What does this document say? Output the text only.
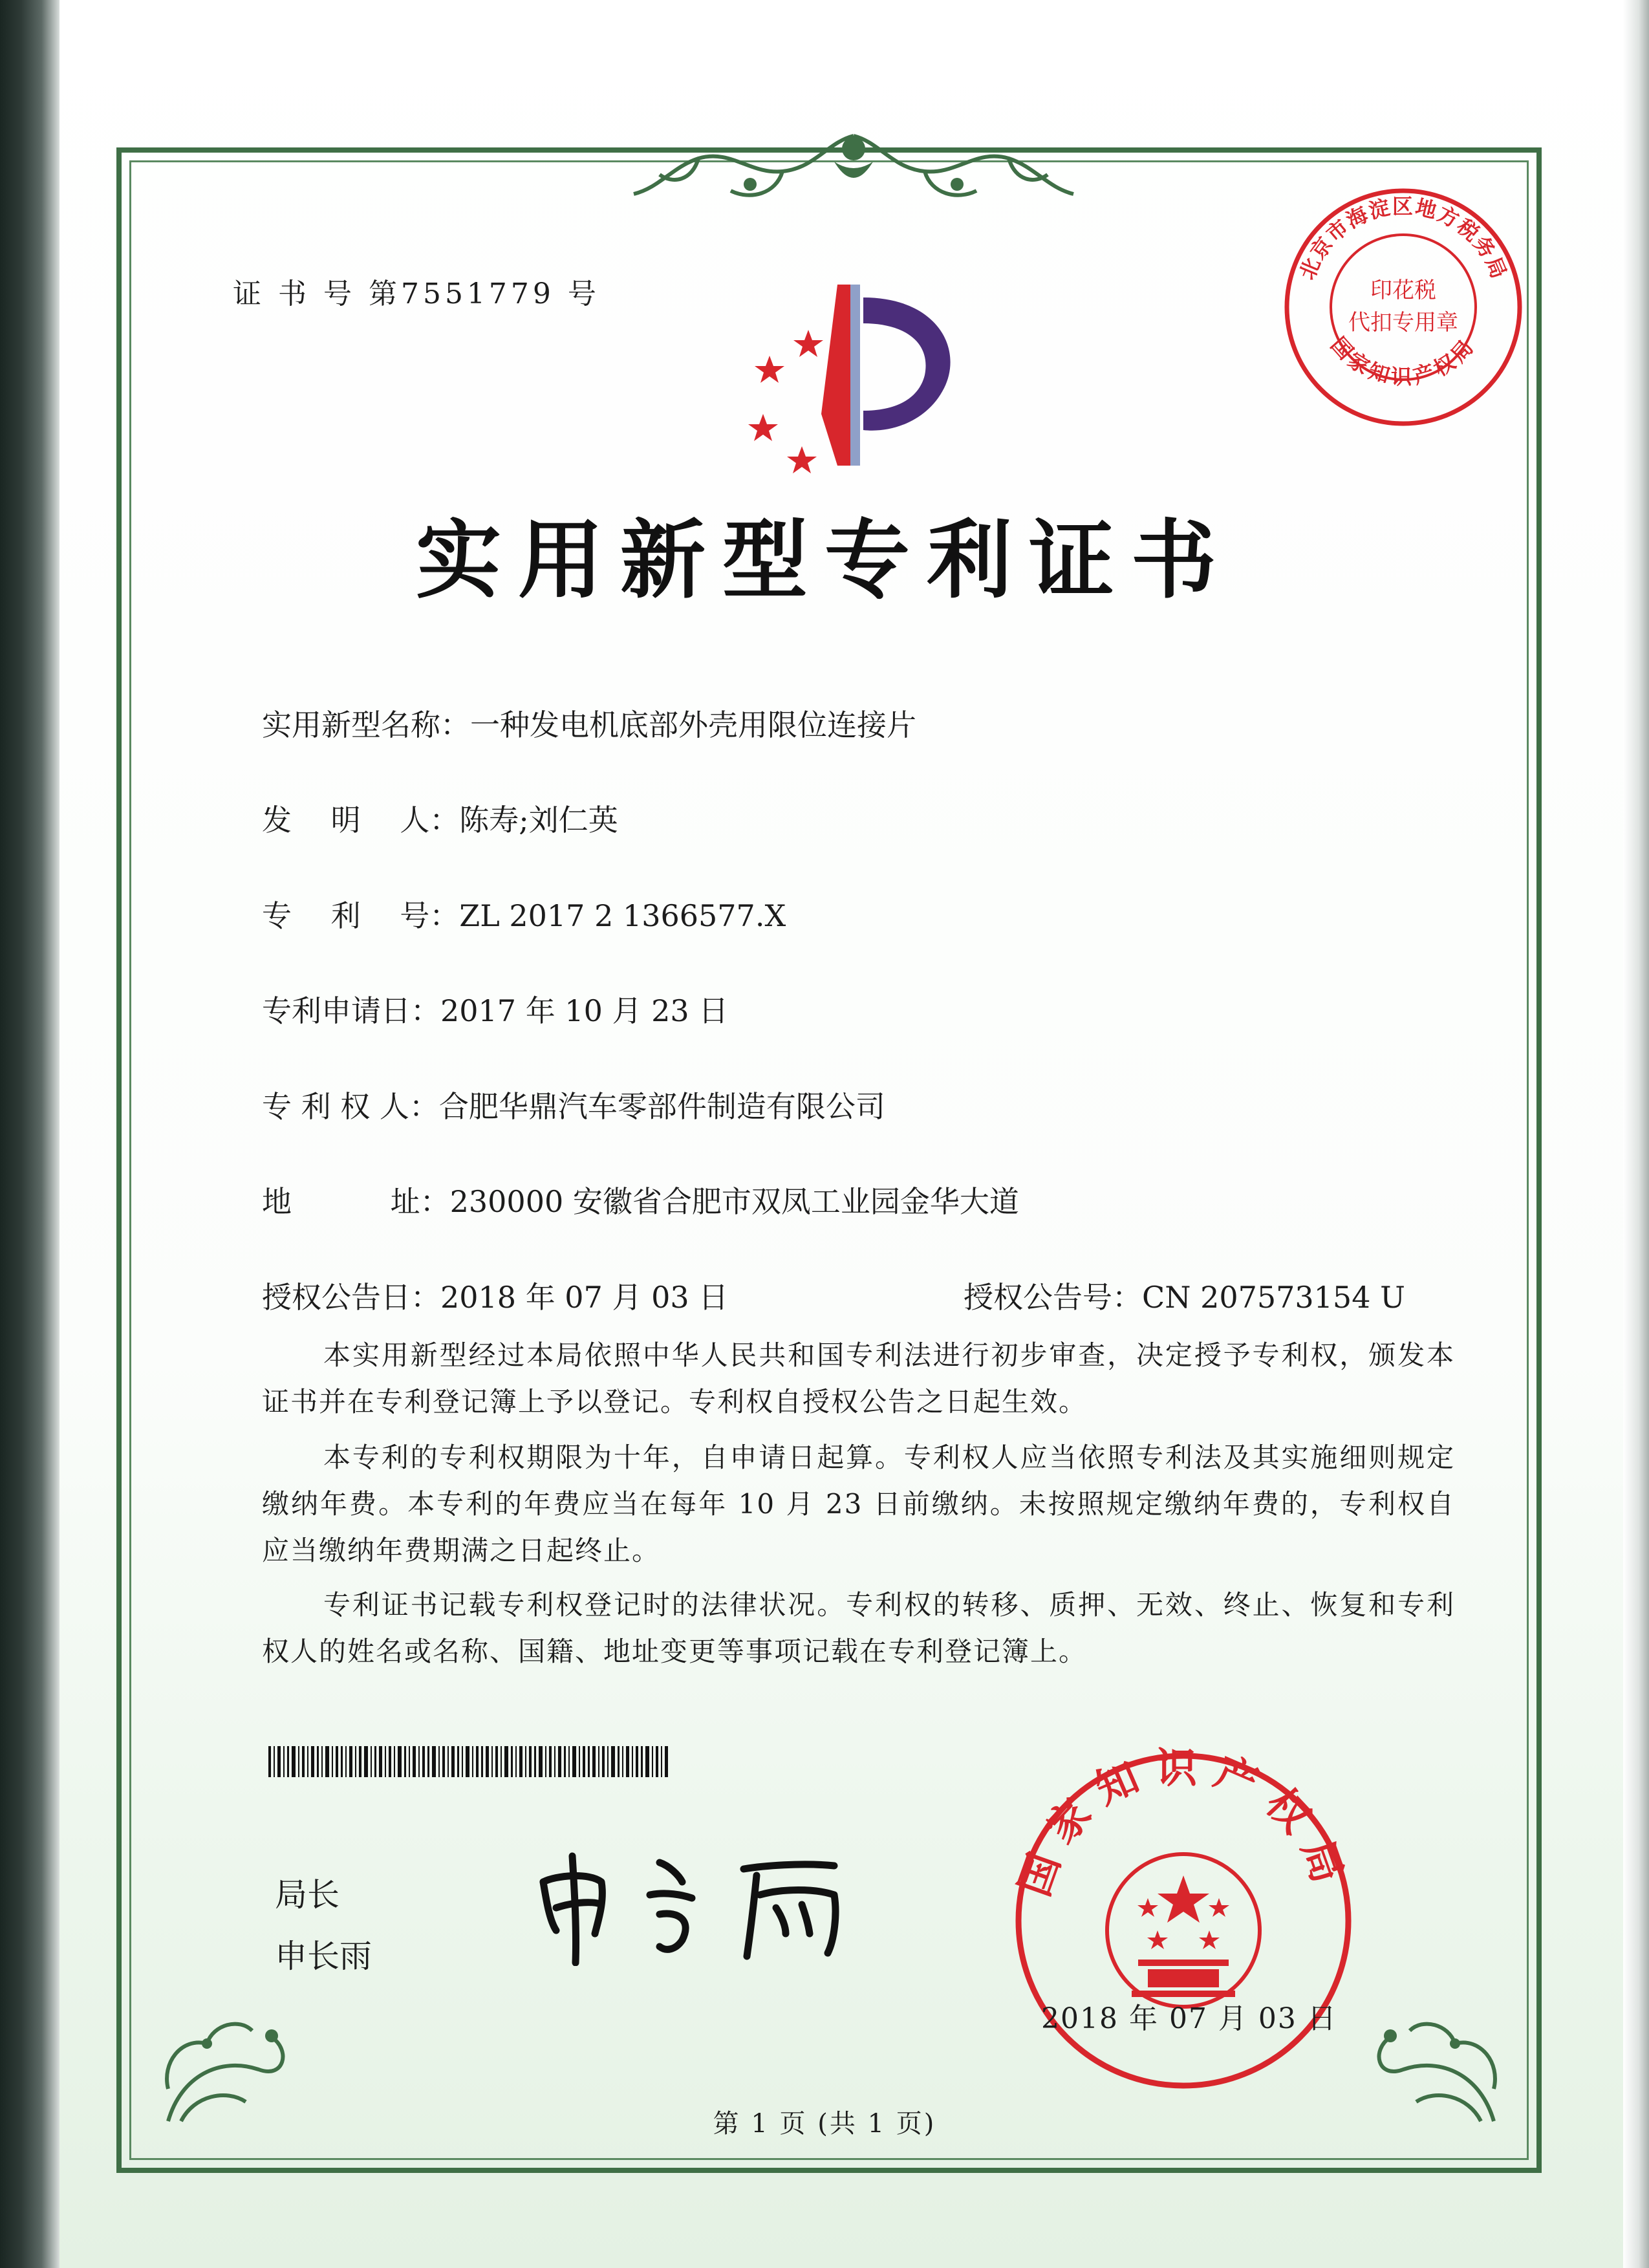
北京市海淀区地方税务局
国家知识产权局
印花税
代扣专用章
证 书 号 第7551779 号
实用新型专利证书
实用新型名称：一种发电机底部外壳用限位连接片
发　 明　 人：陈寿;刘仁英
专　 利　 号：ZL 2017 2 1366577.X
专利申请日：2017 年 10 月 23 日
专 利 权 人：合肥华鼎汽车零部件制造有限公司
地　　　 址：230000 安徽省合肥市双凤工业园金华大道
授权公告日：2018 年 07 月 03 日	授权公告号：CN 207573154 U

本实用新型经过本局依照中华人民共和国专利法进行初步审查，决定授予专利权，颁发本证书并在专利登记簿上予以登记。专利权自授权公告之日起生效。

本专利的专利权期限为十年，自申请日起算。专利权人应当依照专利法及其实施细则规定缴纳年费。本专利的年费应当在每年 10 月 23 日前缴纳。未按照规定缴纳年费的，专利权自应当缴纳年费期满之日起终止。

专利证书记载专利权登记时的法律状况。专利权的转移、质押、无效、终止、恢复和专利权人的姓名或名称、国籍、地址变更等事项记载在专利登记簿上。

局长
申长雨
国家知识产权局
2018 年 07 月 03 日
第 1 页 (共 1 页)
